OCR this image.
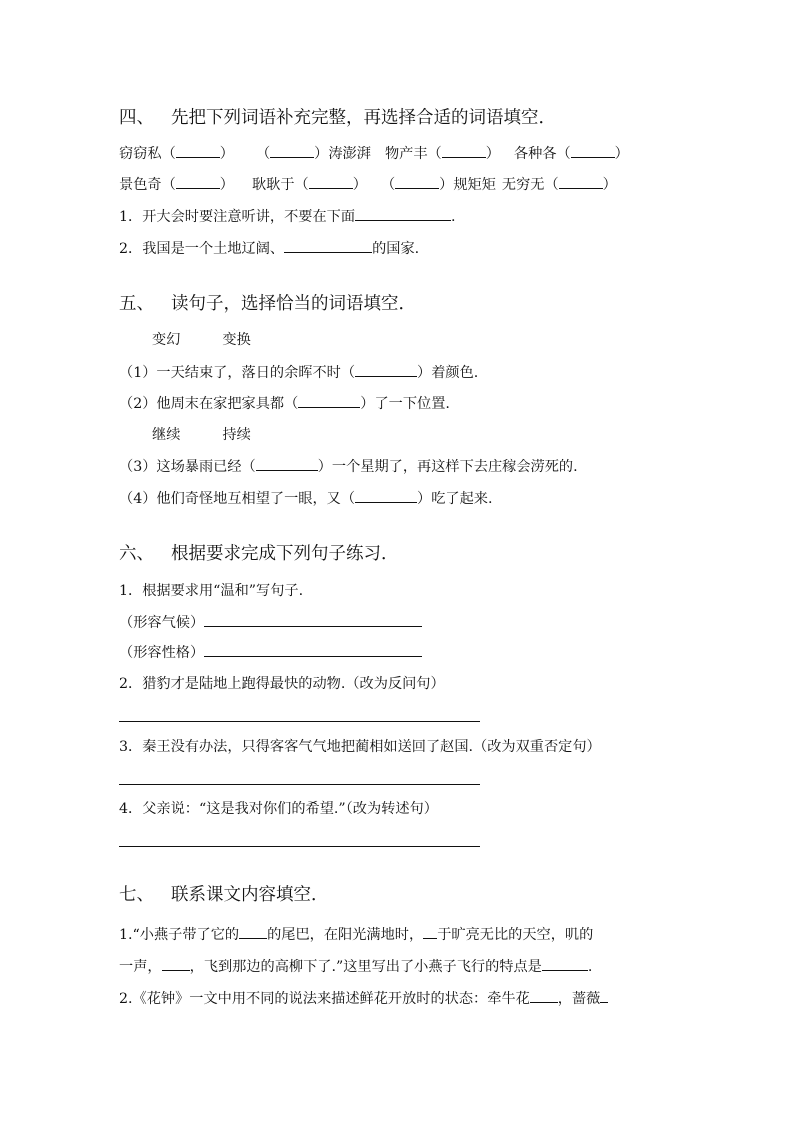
四、 先把下列词语补充完整，再选择合适的词语填空．
窃窃私（	） （	）涛澎湃 物产丰（	） 各种各（	）
景色奇（	） 耿耿于（	） （	）规矩矩 无穷无（	）
1．开大会时要注意听讲，不要在下面	.
2．我国是一个土地辽阔、	的国家.
五、 读句子，选择恰当的词语填空．
变幻	变换
（1）一天结束了，落日的余晖不时（	）着颜色.
（2）他周末在家把家具都（	）了一下位置.
继续	持续
（3）这场暴雨已经（	）一个星期了，再这样下去庄稼会涝死的.
（4）他们奇怪地互相望了一眼，又（	）吃了起来.
六、 根据要求完成下列句子练习．
1．根据要求用“温和”写句子.
（形容气候）
（形容性格）
2．猎豹才是陆地上跑得最快的动物.（改为反问句）
3．秦王没有办法，只得客客气气地把蔺相如送回了赵国.（改为双重否定句）
4．父亲说：“这是我对你们的希望.”（改为转述句）
七、 联系课文内容填空．
1.“小燕子带了它的 的尾巴，在阳光满地时， 于旷亮无比的天空，叽的
一声， ，飞到那边的高柳下了.”这里写出了小燕子飞行的特点是	.
2.《花钟》一文中用不同的说法来描述鲜花开放时的状态：牵牛花 ，蔷薇
